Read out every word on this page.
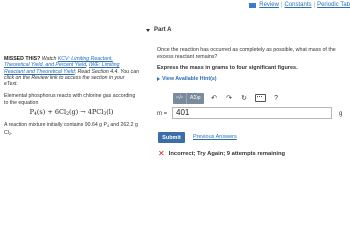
Review | Constants | Periodic Tab

MISSED THIS? Watch KCV: Limiting Reactant, Theoretical Yield, and Percent Yield, IWE: Limiting Reactant and Theoretical Yield; Read Section 4.4. You can click on the Review link to access the section in your eText.

Elemental phosphorus reacts with chlorine gas according to the equation

$P_4(s) + 6Cl_2(g) \to 4PCl_3(l)$

A reaction mixture initially contains 90.64 g $P_4$ and 262.2 g $Cl_2$.

Part A
Once the reaction has occurred as completely as possible, what mass of the excess reactant remains?
Express the mass in grams to four significant figures.
View Available Hint(s)
▫√▫	AΣφ	↶ ↷ ↻	?
m =	401	g
Submit	Previous Answers
✕ Incorrect; Try Again; 9 attempts remaining
